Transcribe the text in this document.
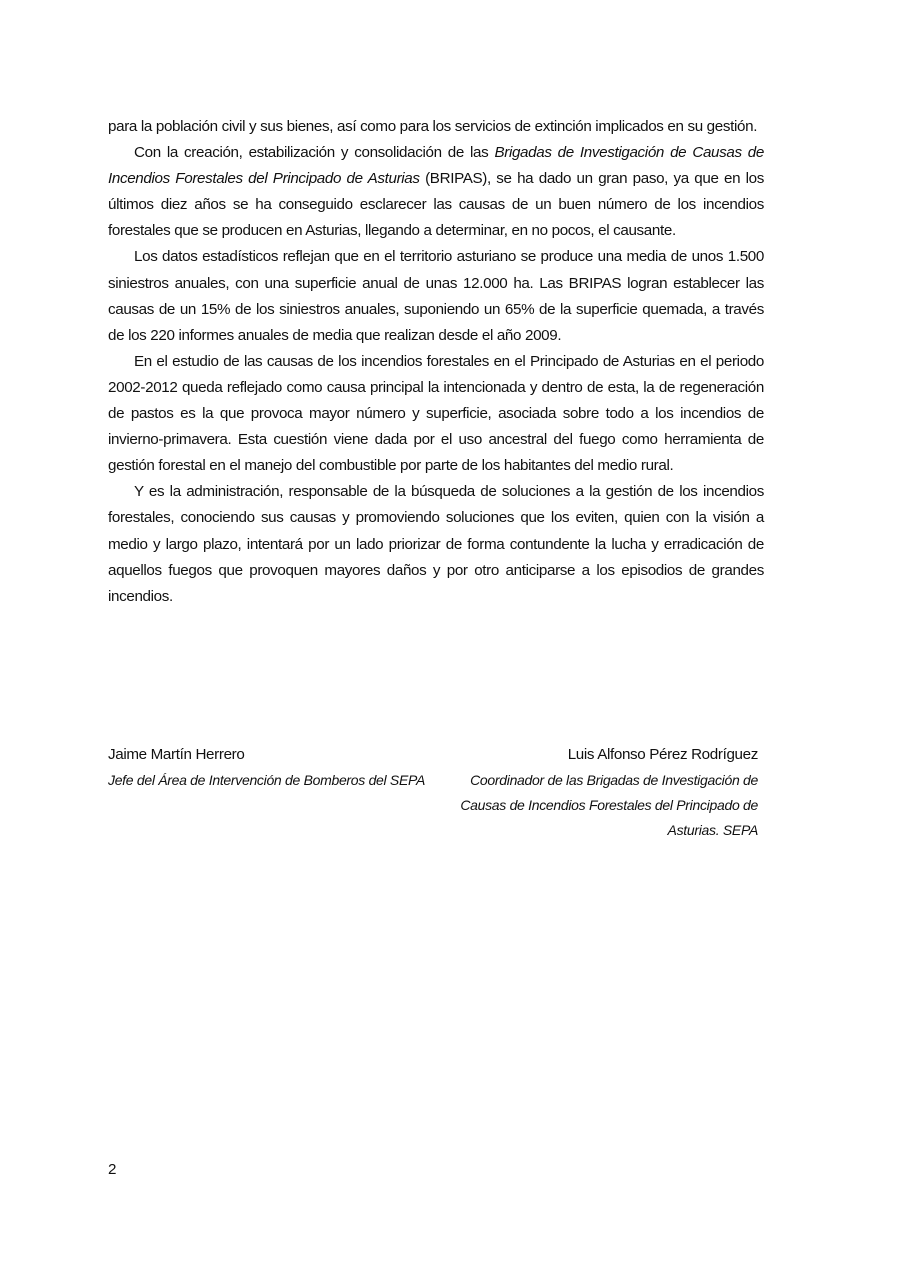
para la población civil y sus bienes, así como para los servicios de extinción implicados en su gestión.

Con la creación, estabilización y consolidación de las Brigadas de Investigación de Causas de Incendios Forestales del Principado de Asturias (BRIPAS), se ha dado un gran paso, ya que en los últimos diez años se ha conseguido esclarecer las causas de un buen número de los incendios forestales que se producen en Asturias, llegando a determinar, en no pocos, el causante.

Los datos estadísticos reflejan que en el territorio asturiano se produce una media de unos 1.500 siniestros anuales, con una superficie anual de unas 12.000 ha. Las BRIPAS logran establecer las causas de un 15% de los siniestros anuales, suponiendo un 65% de la superficie quemada, a través de los 220 informes anuales de media que realizan desde el año 2009.

En el estudio de las causas de los incendios forestales en el Principado de Asturias en el periodo 2002-2012 queda reflejado como causa principal la intencionada y dentro de esta, la de regeneración de pastos es la que provoca mayor número y superficie, asociada sobre todo a los incendios de invierno-primavera. Esta cuestión viene dada por el uso ancestral del fuego como herramienta de gestión forestal en el manejo del combustible por parte de los habitantes del medio rural.

Y es la administración, responsable de la búsqueda de soluciones a la gestión de los incendios forestales, conociendo sus causas y promoviendo soluciones que los eviten, quien con la visión a medio y largo plazo, intentará por un lado priorizar de forma contundente la lucha y erradicación de aquellos fuegos que provoquen mayores daños y por otro anticiparse a los episodios de grandes incendios.

Jaime Martín Herrero
Jefe del Área de Intervención de Bomberos del SEPA
Luis Alfonso Pérez Rodríguez
Coordinador de las Brigadas de Investigación de
Causas de Incendios Forestales del Principado de
Asturias. SEPA
2
